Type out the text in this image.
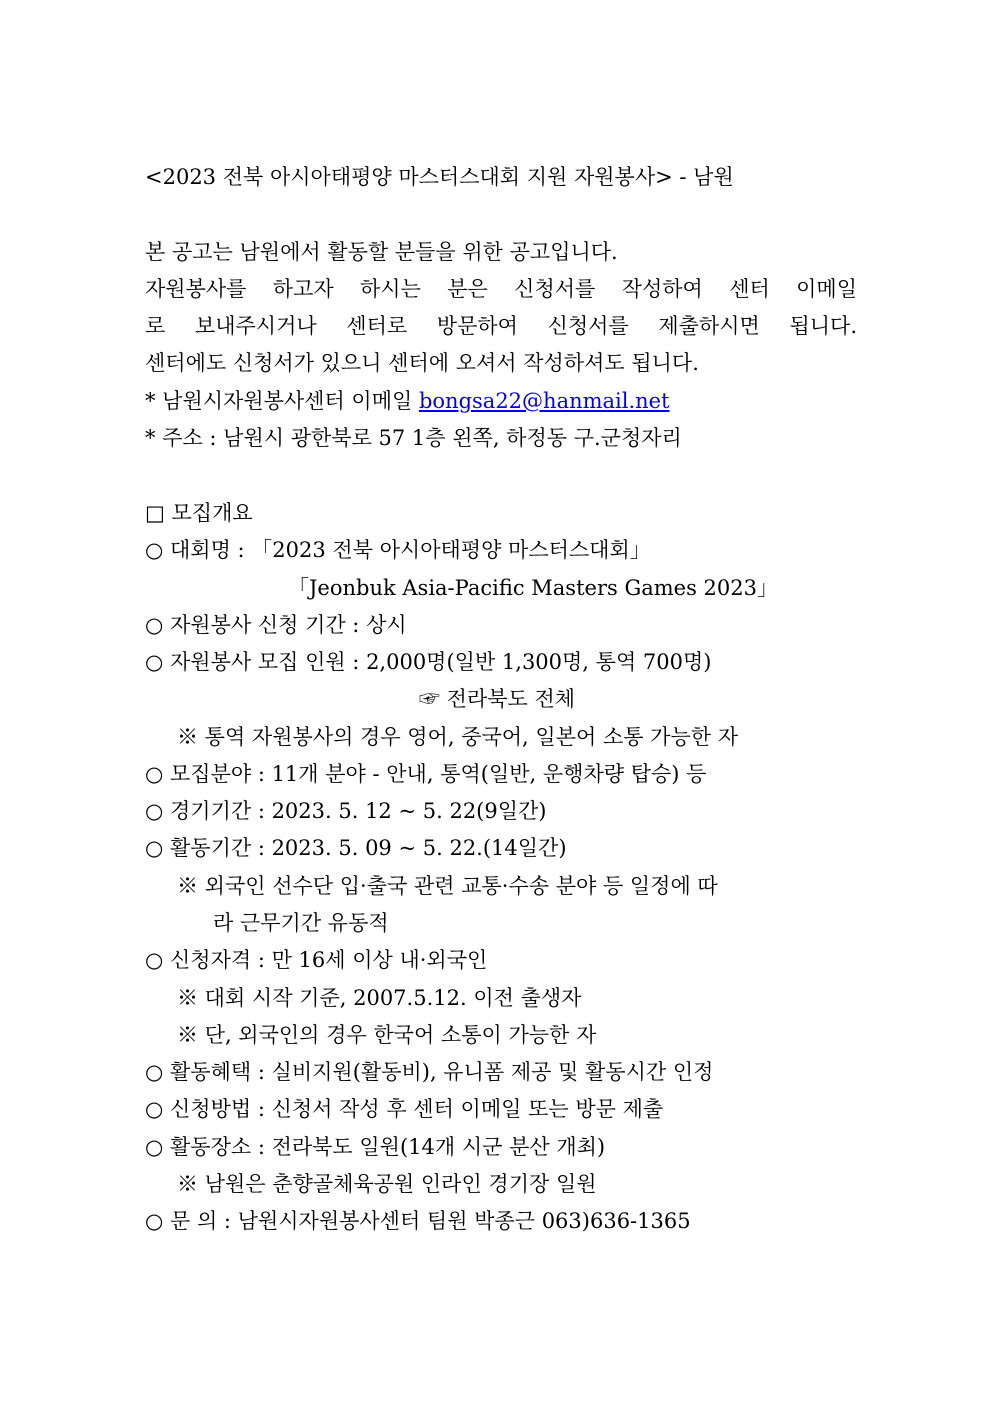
<2023 전북 아시아태평양 마스터스대회 지원 자원봉사> - 남원
본 공고는 남원에서 활동할 분들을 위한 공고입니다.
자원봉사를 하고자 하시는 분은 신청서를 작성하여 센터 이메일
로 보내주시거나 센터로 방문하여 신청서를 제출하시면 됩니다.
센터에도 신청서가 있으니 센터에 오셔서 작성하셔도 됩니다.
* 남원시자원봉사센터 이메일 bongsa22@hanmail.net
* 주소 : 남원시 광한북로 57 1층 왼쪽, 하정동 구.군청자리
□ 모집개요
○ 대회명 : 「2023 전북 아시아태평양 마스터스대회」
「Jeonbuk Asia-Pacific Masters Games 2023」
○ 자원봉사 신청 기간 : 상시
○ 자원봉사 모집 인원 : 2,000명(일반 1,300명, 통역 700명)
☞ 전라북도 전체
※ 통역 자원봉사의 경우 영어, 중국어, 일본어 소통 가능한 자
○ 모집분야 : 11개 분야 - 안내, 통역(일반, 운행차량 탑승) 등
○ 경기기간 : 2023. 5. 12 ~ 5. 22(9일간)
○ 활동기간 : 2023. 5. 09 ~ 5. 22.(14일간)
※ 외국인 선수단 입·출국 관련 교통·수송 분야 등 일정에 따
라 근무기간 유동적
○ 신청자격 : 만 16세 이상 내·외국인
※ 대회 시작 기준, 2007.5.12. 이전 출생자
※ 단, 외국인의 경우 한국어 소통이 가능한 자
○ 활동혜택 : 실비지원(활동비), 유니폼 제공 및 활동시간 인정
○ 신청방법 : 신청서 작성 후 센터 이메일 또는 방문 제출
○ 활동장소 : 전라북도 일원(14개 시군 분산 개최)
※ 남원은 춘향골체육공원 인라인 경기장 일원
○ 문 의 : 남원시자원봉사센터 팀원 박종근 063)636-1365
